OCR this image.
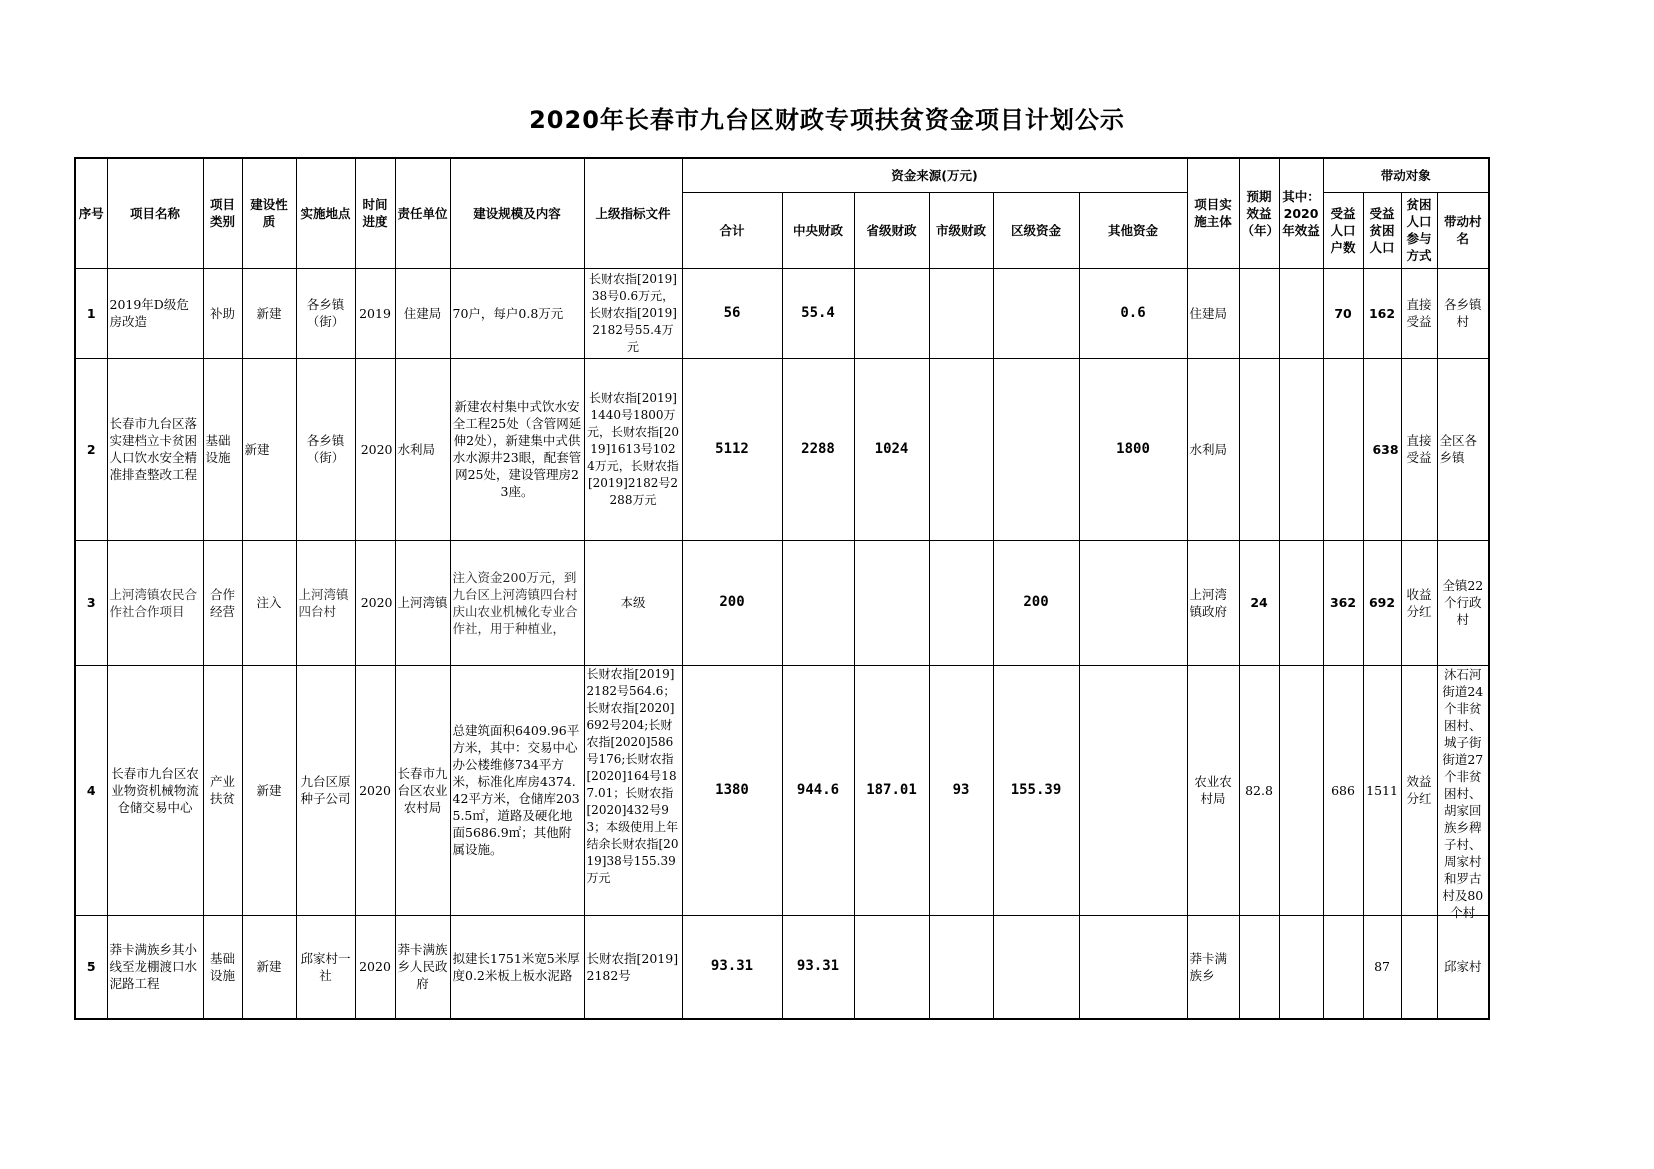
2020年长春市九台区财政专项扶贫资金项目计划公示
序号	项目名称	项目类别	建设性质	实施地点	时间进度	责任单位	建设规模及内容	上级指标文件	资金来源(万元)						项目实施主体	预期效益（年）	其中：2020年效益	带动对象			
									合计	中央财政	省级财政	市级财政	区级资金	其他资金				受益人口户数	受益贫困人口	贫困人口参与方式	带动村名
1	2019年D级危房改造	补助	新建	各乡镇（街）	2019	住建局	70户，每户0.8万元	长财农指[2019]38号0.6万元，长财农指[2019]2182号55.4万元	56	55.4				0.6	住建局			70	162	直接受益	各乡镇村
2	长春市九台区落实建档立卡贫困人口饮水安全精准排查整改工程	基础设施	新建	各乡镇（街）	2020	水利局	新建农村集中式饮水安全工程25处（含管网延伸2处），新建集中式供水水源井23眼，配套管网25处，建设管理房23座。	长财农指[2019]1440号1800万元，长财农指[2019]1613号1024万元，长财农指[2019]2182号2288万元	5112	2288	1024			1800	水利局				638	直接受益	全区各乡镇
3	上河湾镇农民合作社合作项目	合作经营	注入	上河湾镇四台村	2020	上河湾镇	注入资金200万元，到九台区上河湾镇四台村庆山农业机械化专业合作社，用于种植业，	本级	200				200		上河湾镇政府	24		362	692	收益分红	全镇22个行政村
4	长春市九台区农业物资机械物流仓储交易中心	产业扶贫	新建	九台区原种子公司	2020	长春市九台区农业农村局	总建筑面积6409.96平方米，其中：交易中心办公楼维修734平方米，标准化库房4374.42平方米，仓储库2035.5㎡，道路及硬化地面5686.9㎡；其他附属设施。	长财农指[2019]2182号564.6；长财农指[2020]692号204;长财农指[2020]586号176;长财农指[2020]164号187.01；长财农指[2020]432号93；本级使用上年结余长财农指[2019]38号155.39万元	1380	944.6	187.01	93	155.39		农业农村局	82.8		686	1511	效益分红	沐石河街道24个非贫困村、城子街街道27个非贫困村、胡家回族乡稗子村、周家村和罗古村及80个村

5	莽卡满族乡其小线至龙棚渡口水泥路工程	基础设施	新建	邱家村一社	2020	莽卡满族乡人民政府	拟建长1751米宽5米厚度0.2米板上板水泥路	长财农指[2019]2182号	93.31	93.31					莽卡满族乡				87		邱家村
